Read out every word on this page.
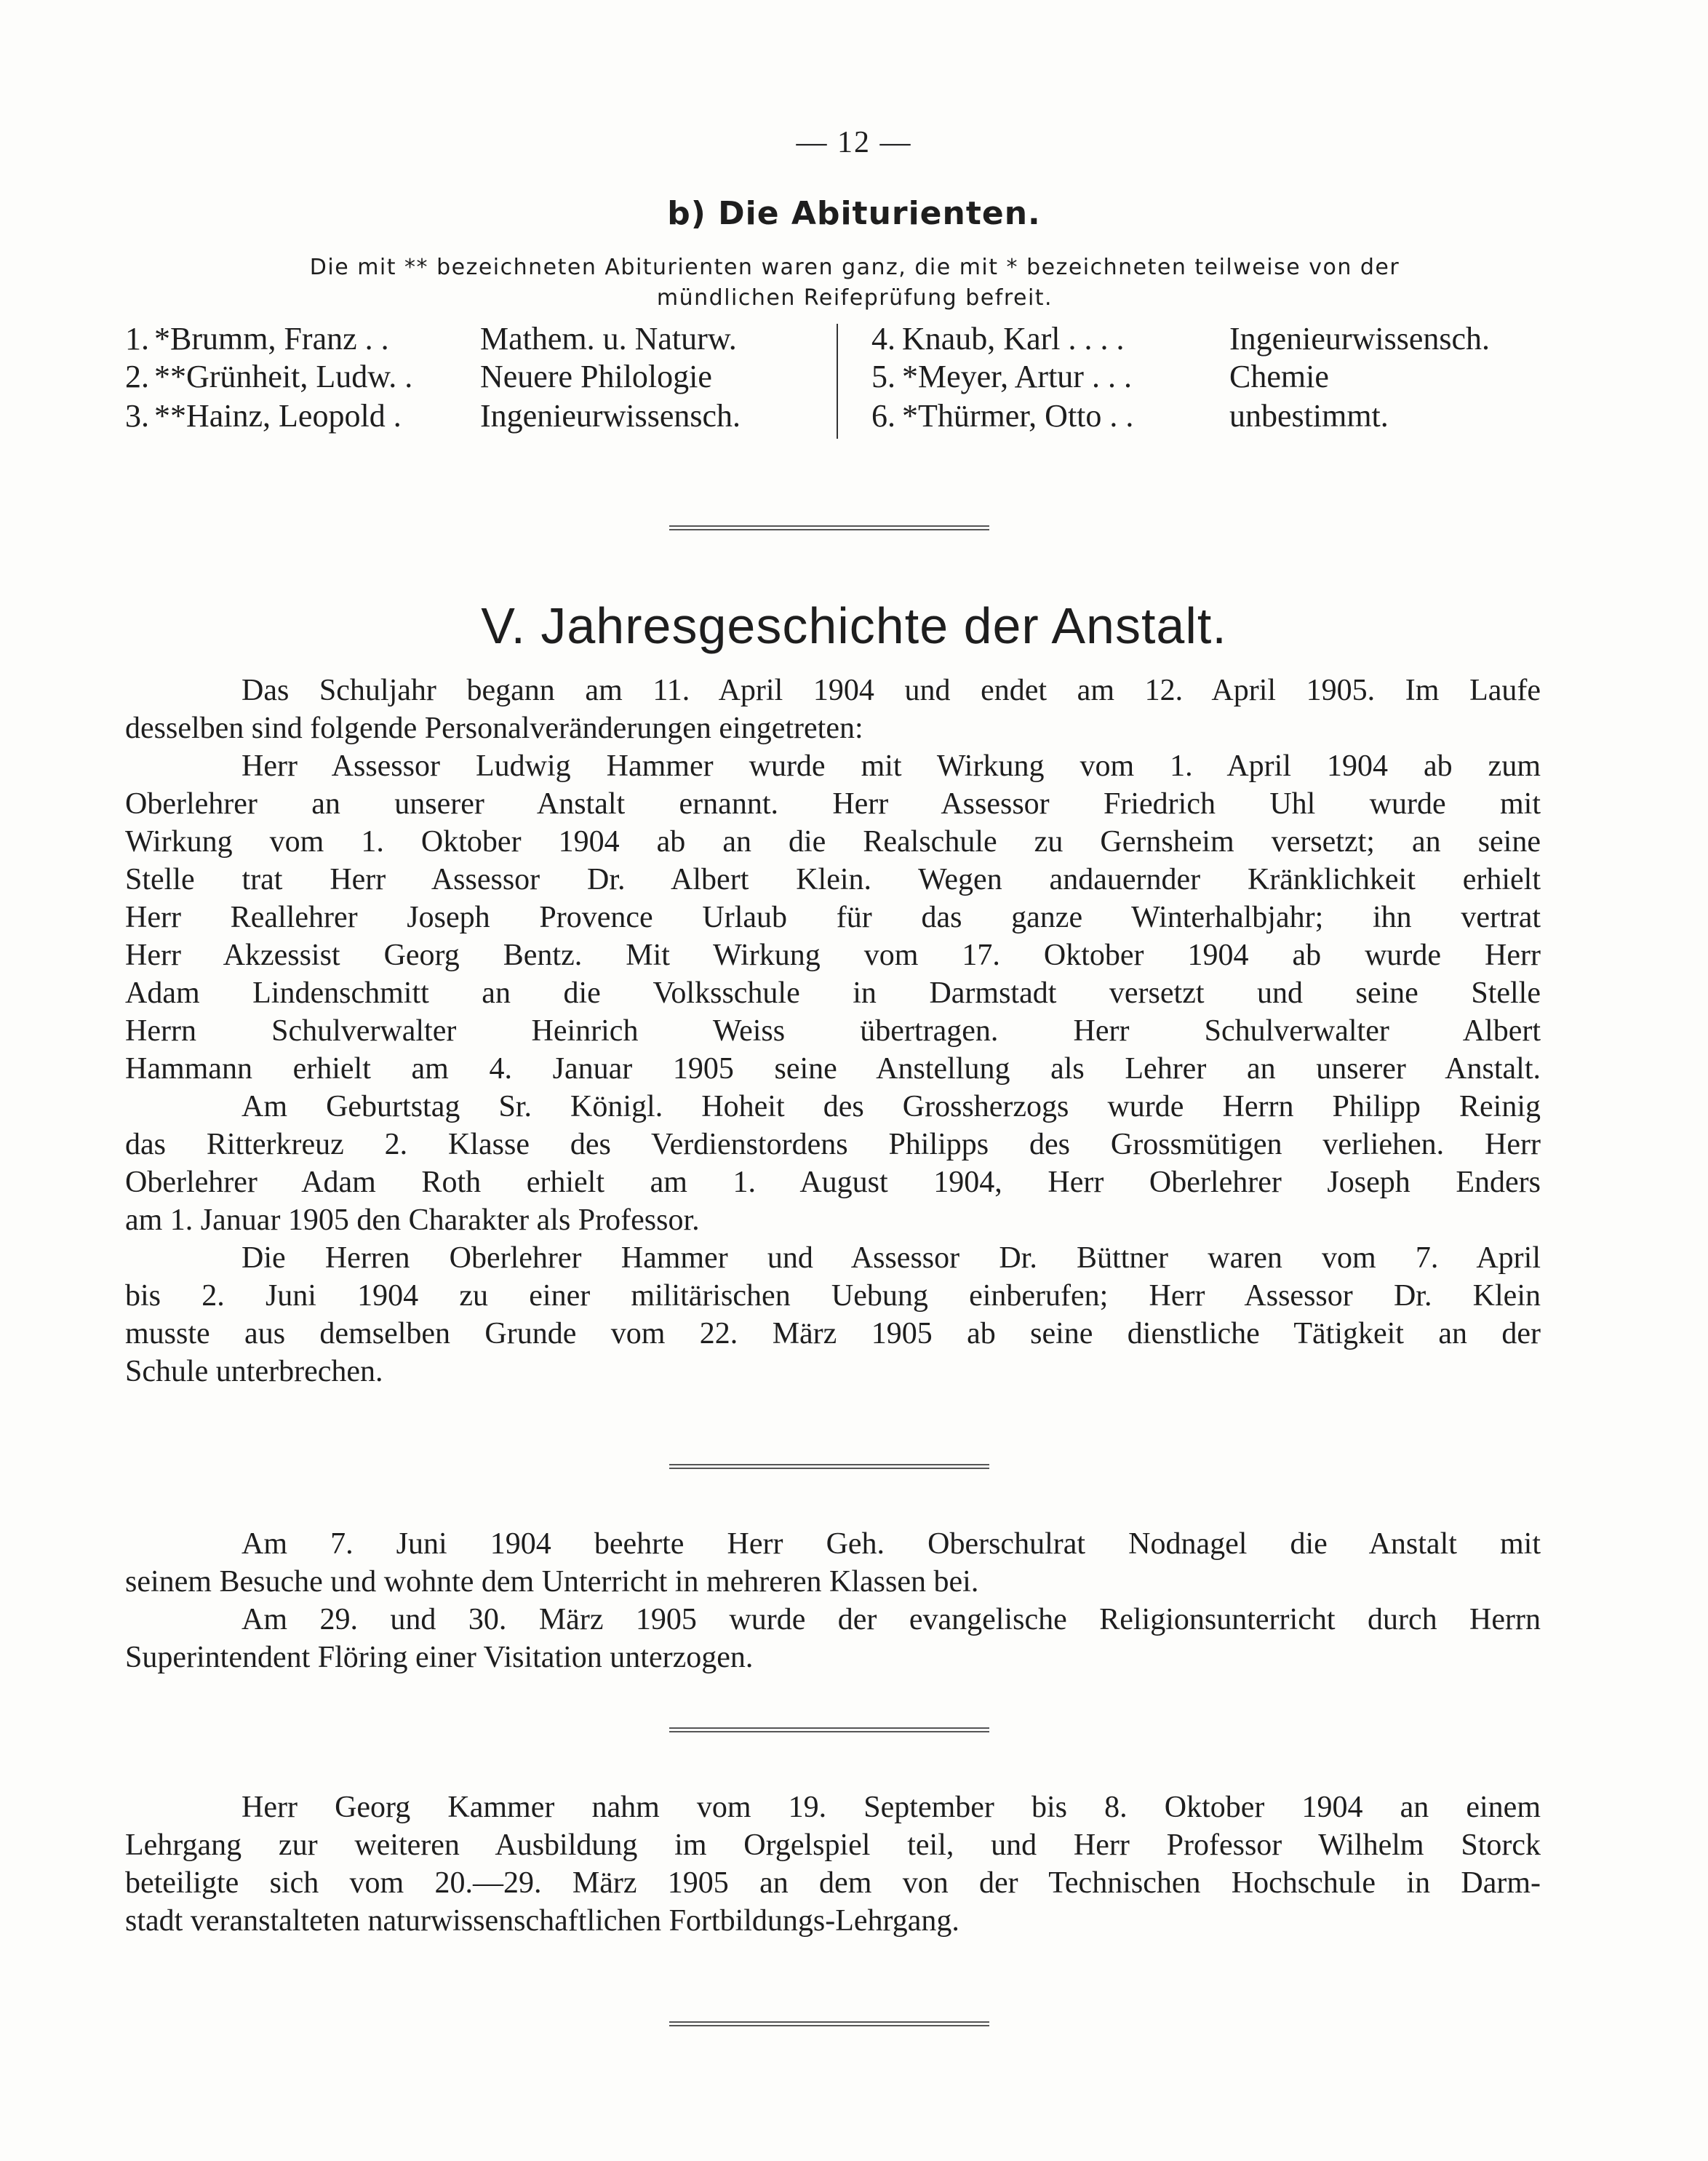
— 12 —
b) Die Abiturienten.
Die mit ** bezeichneten Abiturienten waren ganz, die mit * bezeichneten teilweise von der
mündlichen Reifeprüfung befreit.
1. *Brumm, Franz . .	Mathem. u. Naturw.
2. **Grünheit, Ludw. . Neuere Philologie
3. **Hainz, Leopold . Ingenieurwissensch.
4. Knaub, Karl . . . .	Ingenieurwissensch.
5. *Meyer, Artur . . .	Chemie
6. *Thürmer, Otto . .	unbestimmt.
V. Jahresgeschichte der Anstalt.
Das Schuljahr begann am 11. April 1904 und endet am 12. April 1905. Im Laufe
desselben sind folgende Personalveränderungen eingetreten:
Herr Assessor Ludwig Hammer wurde mit Wirkung vom 1. April 1904 ab zum
Oberlehrer an unserer Anstalt ernannt. Herr Assessor Friedrich Uhl wurde mit
Wirkung vom 1. Oktober 1904 ab an die Realschule zu Gernsheim versetzt; an seine
Stelle trat Herr Assessor Dr. Albert Klein. Wegen andauernder Kränklichkeit erhielt
Herr Reallehrer Joseph Provence Urlaub für das ganze Winterhalbjahr; ihn vertrat
Herr Akzessist Georg Bentz. Mit Wirkung vom 17. Oktober 1904 ab wurde Herr
Adam Lindenschmitt an die Volksschule in Darmstadt versetzt und seine Stelle
Herrn Schulverwalter Heinrich Weiss übertragen. Herr Schulverwalter Albert
Hammann erhielt am 4. Januar 1905 seine Anstellung als Lehrer an unserer Anstalt.
Am Geburtstag Sr. Königl. Hoheit des Grossherzogs wurde Herrn Philipp Reinig
das Ritterkreuz 2. Klasse des Verdienstordens Philipps des Grossmütigen verliehen. Herr
Oberlehrer Adam Roth erhielt am 1. August 1904, Herr Oberlehrer Joseph Enders
am 1. Januar 1905 den Charakter als Professor.
Die Herren Oberlehrer Hammer und Assessor Dr. Büttner waren vom 7. April
bis 2. Juni 1904 zu einer militärischen Uebung einberufen; Herr Assessor Dr. Klein
musste aus demselben Grunde vom 22. März 1905 ab seine dienstliche Tätigkeit an der
Schule unterbrechen.
Am 7. Juni 1904 beehrte Herr Geh. Oberschulrat Nodnagel die Anstalt mit
seinem Besuche und wohnte dem Unterricht in mehreren Klassen bei.
Am 29. und 30. März 1905 wurde der evangelische Religionsunterricht durch Herrn
Superintendent Flöring einer Visitation unterzogen.
Herr Georg Kammer nahm vom 19. September bis 8. Oktober 1904 an einem
Lehrgang zur weiteren Ausbildung im Orgelspiel teil, und Herr Professor Wilhelm Storck
beteiligte sich vom 20.—29. März 1905 an dem von der Technischen Hochschule in Darm-
stadt veranstalteten naturwissenschaftlichen Fortbildungs-Lehrgang.
